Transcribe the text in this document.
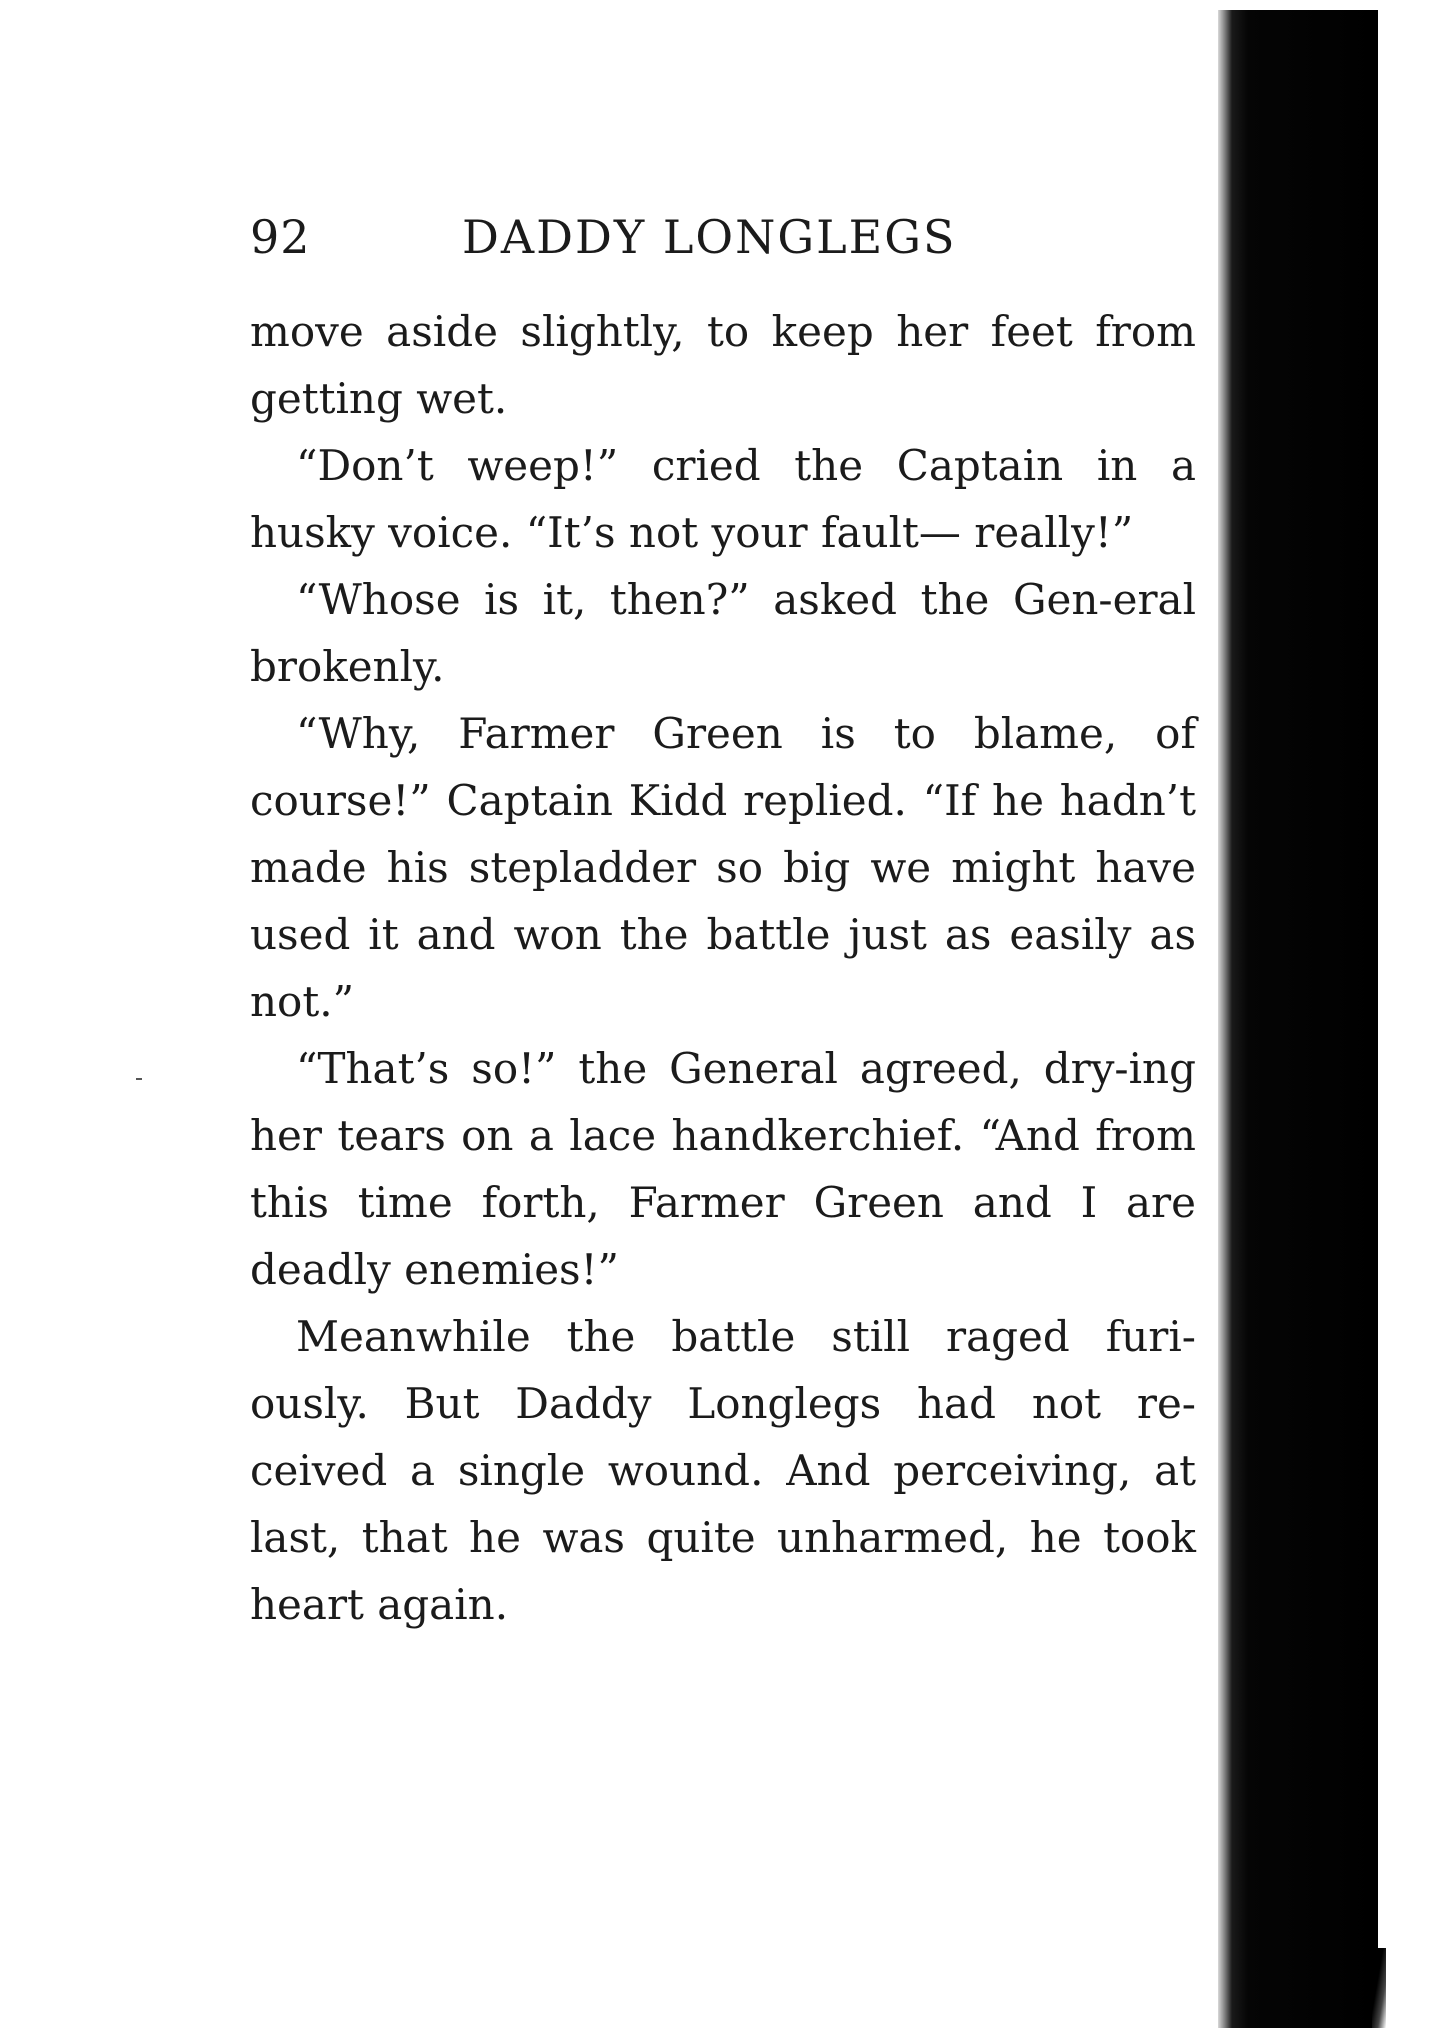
92	DADDY LONGLEGS

move aside slightly, to keep her feet from getting wet.

“Don’t weep!” cried the Captain in a husky voice. “It’s not your fault— really!”

“Whose is it, then?” asked the Gen-eral brokenly.

“Why, Farmer Green is to blame, of course!” Captain Kidd replied. “If he hadn’t made his stepladder so big we might have used it and won the battle just as easily as not.”

“That’s so!” the General agreed, dry-ing her tears on a lace handkerchief. “And from this time forth, Farmer Green and I are deadly enemies!”

Meanwhile the battle still raged furi-ously. But Daddy Longlegs had not re-ceived a single wound. And perceiving, at last, that he was quite unharmed, he took heart again.
